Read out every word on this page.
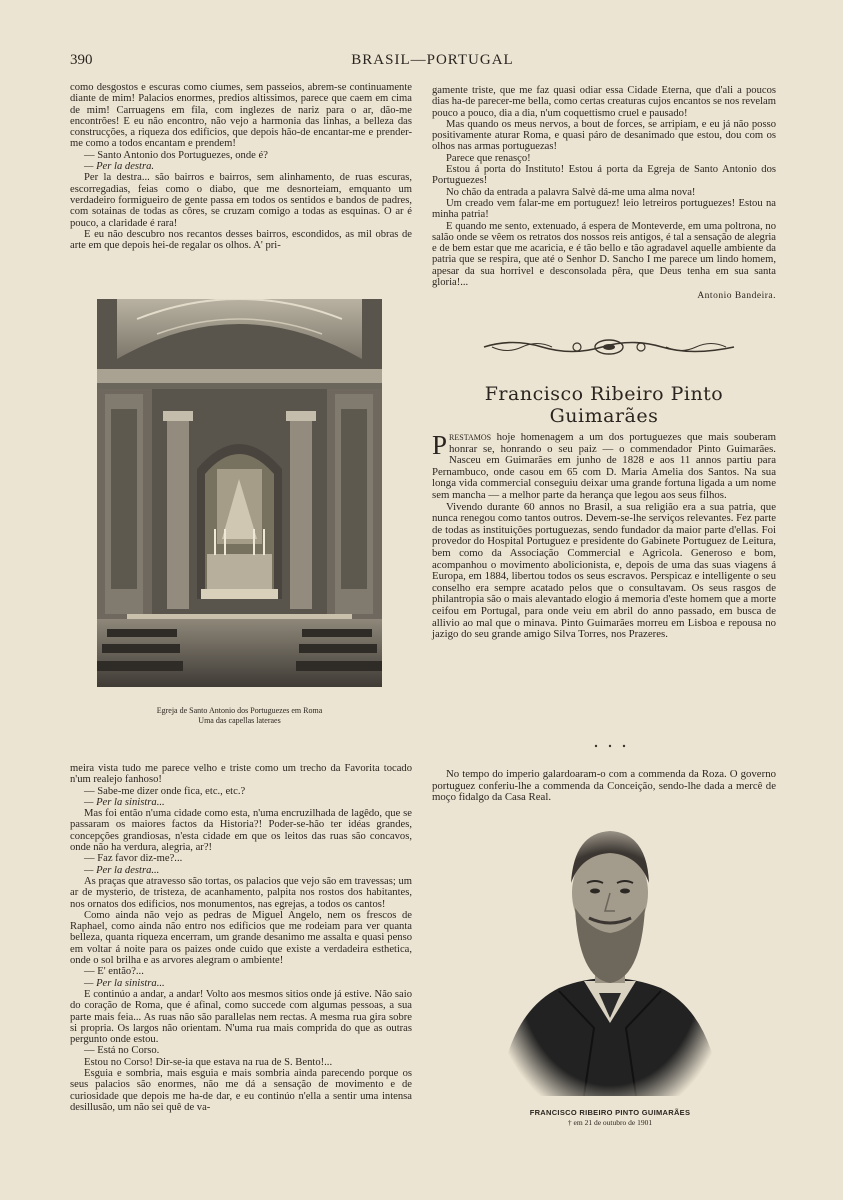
390	BRASIL—PORTUGAL

como desgostos e escuras como ciumes, sem passeios, abrem-se continuamente diante de mim! Palacios enormes, predios altissimos, parece que caem em cima de mim! Carruagens em fila, com inglezes de nariz para o ar, dão-me encontrões! E eu não encontro, não vejo a harmonia das linhas, a belleza das construcções, a riqueza dos edificios, que depois hão-de encantar-me e prender-me como a todos encantam e prendem!

— Santo Antonio dos Portuguezes, onde é?

— Per la destra.

Per la destra... são bairros e bairros, sem alinhamento, de ruas escuras, escorregadias, feias como o diabo, que me desnorteiam, emquanto um verdadeiro formigueiro de gente passa em todos os sentidos e bandos de padres, com sotainas de todas as côres, se cruzam comigo a todas as esquinas. O ar é pouco, a claridade é rara!

E eu não descubro nos recantos desses bairros, escondidos, as mil obras de arte em que depois hei-de regalar os olhos. A' pri-

Egreja de Santo Antonio dos Portuguezes em Roma
Uma das capellas lateraes

meira vista tudo me parece velho e triste como um trecho da Favorita tocado n'um realejo fanhoso!

— Sabe-me dizer onde fica, etc., etc.?

— Per la sinistra...

Mas foi então n'uma cidade como esta, n'uma encruzilhada de lagêdo, que se passaram os maiores factos da Historia?! Poder-se-hão ter idéas grandes, concepções grandiosas, n'esta cidade em que os leitos das ruas são concavos, onde não ha verdura, alegria, ar?!

— Faz favor diz-me?...

— Per la destra...

As praças que atravesso são tortas, os palacios que vejo são em travessas; um ar de mysterio, de tristeza, de acanhamento, palpita nos rostos dos habitantes, nos ornatos dos edificios, nos monumentos, nas egrejas, a todos os cantos!

Como ainda não vejo as pedras de Miguel Angelo, nem os frescos de Raphael, como ainda não entro nos edificios que me rodeiam para ver quanta belleza, quanta riqueza encerram, um grande desanimo me assalta e quasi penso em voltar á noite para os paizes onde cuido que existe a verdadeira esthetica, onde o sol brilha e as arvores alegram o ambiente!

— E' então?...

— Per la sinistra...

E continúo a andar, a andar! Volto aos mesmos sitios onde já estive. Não saio do coração de Roma, que é afinal, como succede com algumas pessoas, a sua parte mais feia... As ruas não são parallelas nem rectas. A mesma rua gira sobre si propria. Os largos não orientam. N'uma rua mais comprida do que as outras pergunto onde estou.

— Está no Corso.

Estou no Corso! Dir-se-ia que estava na rua de S. Bento!...

Esguia e sombria, mais esguia e mais sombria ainda parecendo porque os seus palacios são enormes, não me dá a sensação de movimento e de curiosidade que depois me ha-de dar, e eu continúo n'ella a sentir uma intensa desillusão, um não sei quê de va-

gamente triste, que me faz quasi odiar essa Cidade Eterna, que d'ali a poucos dias ha-de parecer-me bella, como certas creaturas cujos encantos se nos revelam pouco a pouco, dia a dia, n'um coquettismo cruel e pausado!

Mas quando os meus nervos, a bout de forces, se arripiam, e eu já não posso positivamente aturar Roma, e quasi páro de desanimado que estou, dou com os olhos nas armas portuguezas!

Parece que renasço!

Estou á porta do Instituto! Estou á porta da Egreja de Santo Antonio dos Portuguezes!

No chão da entrada a palavra Salvè dá-me uma alma nova!

Um creado vem falar-me em portuguez! leio letreiros portuguezes! Estou na minha patria!

E quando me sento, extenuado, á espera de Monteverde, em uma poltrona, no salão onde se vêem os retratos dos nossos reis antigos, é tal a sensação de alegria e de bem estar que me acaricia, e é tão bello e tão agradavel aquelle ambiente da patria que se respira, que até o Senhor D. Sancho I me parece um lindo homem, apesar da sua horrivel e desconsolada pêra, que Deus tenha em sua santa gloria!...

Antonio Bandeira.
Francisco Ribeiro Pinto Guimarães

Prestamos hoje homenagem a um dos portuguezes que mais souberam honrar se, honrando o seu paiz — o commendador Pinto Guimarães. Nasceu em Guimarães em junho de 1828 e aos 11 annos partiu para Pernambuco, onde casou em 65 com D. Maria Amelia dos Santos. Na sua longa vida commercial conseguiu deixar uma grande fortuna ligada a um nome sem mancha — a melhor parte da herança que legou aos seus filhos.

Vivendo durante 60 annos no Brasil, a sua religião era a sua patria, que nunca renegou como tantos outros. Devem-se-lhe serviços relevantes. Fez parte de todas as instituições portuguezas, sendo fundador da maior parte d'ellas. Foi provedor do Hospital Portuguez e presidente do Gabinete Portuguez de Leitura, bem como da Associação Commercial e Agricola. Generoso e bom, acompanhou o movimento abolicionista, e, depois de uma das suas viagens á Europa, em 1884, libertou todos os seus escravos. Perspicaz e intelligente o seu conselho era sempre acatado pelos que o consultavam. Os seus rasgos de philantropia são o mais alevantado elogio á memoria d'este homem que a morte ceifou em Portugal, para onde veiu em abril do anno passado, em busca de allivio ao mal que o minava. Pinto Guimarães morreu em Lisboa e repousa no jazigo do seu grande amigo Silva Torres, nos Prazeres.

No tempo do imperio galardoaram-o com a commenda da Roza. O governo portuguez conferiu-lhe a commenda da Conceição, sendo-lhe dada a mercê de moço fidalgo da Casa Real.

FRANCISCO RIBEIRO PINTO GUIMARÃES
† em 21 de outubro de 1901
